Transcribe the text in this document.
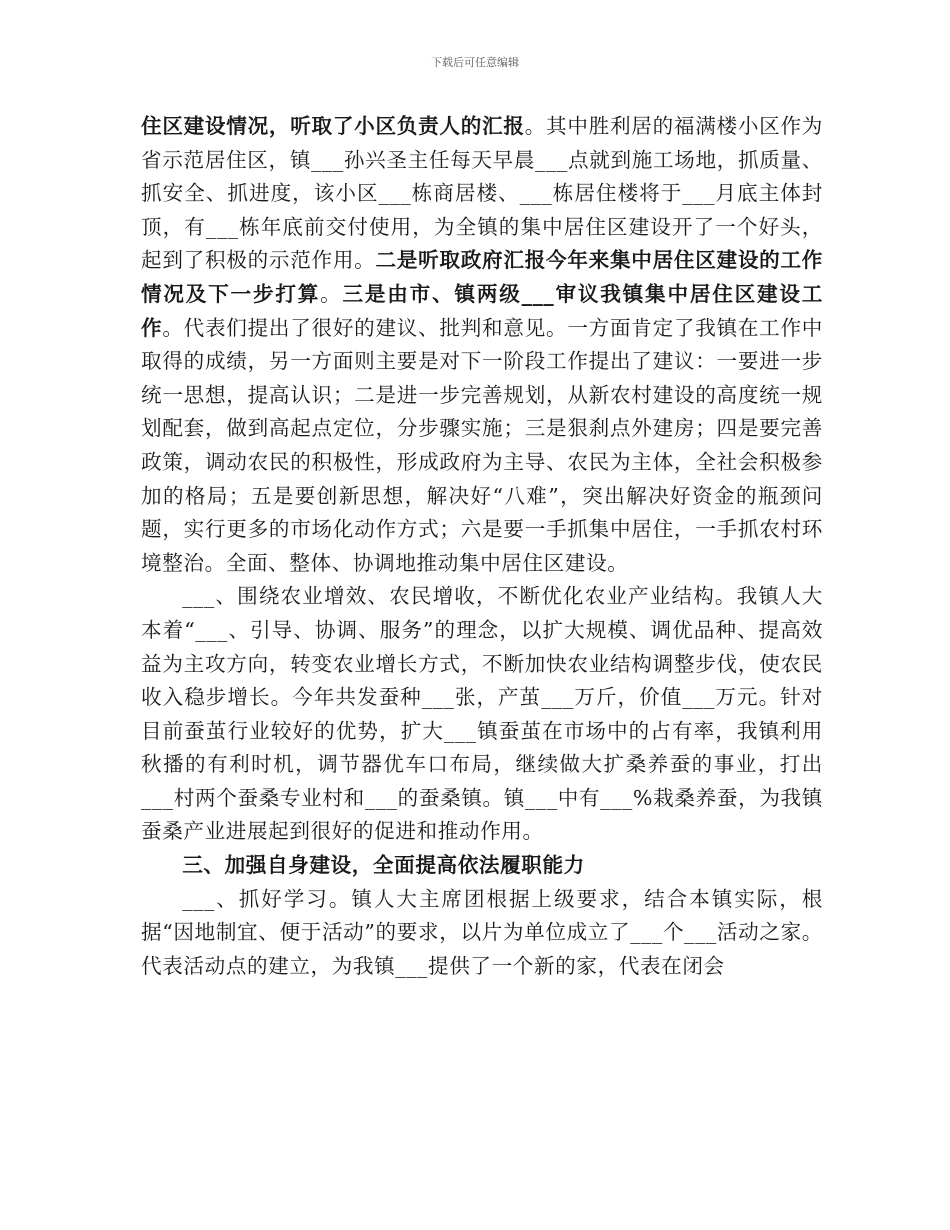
下载后可任意编辑

住区建设情况，听取了小区负责人的汇报。其中胜利居的福满楼小区作为省示范居住区，镇___孙兴圣主任每天早晨___点就到施工场地，抓质量、抓安全、抓进度，该小区___栋商居楼、___栋居住楼将于___月底主体封顶，有___栋年底前交付使用，为全镇的集中居住区建设开了一个好头，起到了积极的示范作用。二是听取政府汇报今年来集中居住区建设的工作情况及下一步打算。三是由市、镇两级___审议我镇集中居住区建设工作。代表们提出了很好的建议、批判和意见。一方面肯定了我镇在工作中取得的成绩，另一方面则主要是对下一阶段工作提出了建议：一要进一步统一思想，提高认识；二是进一步完善规划，从新农村建设的高度统一规划配套，做到高起点定位，分步骤实施；三是狠刹点外建房；四是要完善政策，调动农民的积极性，形成政府为主导、农民为主体，全社会积极参加的格局；五是要创新思想，解决好“八难”，突出解决好资金的瓶颈问题，实行更多的市场化动作方式；六是要一手抓集中居住，一手抓农村环境整治。全面、整体、协调地推动集中居住区建设。

___、围绕农业增效、农民增收，不断优化农业产业结构。我镇人大本着“___、引导、协调、服务”的理念，以扩大规模、调优品种、提高效益为主攻方向，转变农业增长方式，不断加快农业结构调整步伐，使农民收入稳步增长。今年共发蚕种___张，产茧___万斤，价值___万元。针对目前蚕茧行业较好的优势，扩大___镇蚕茧在市场中的占有率，我镇利用秋播的有利时机，调节器优车口布局，继续做大扩桑养蚕的事业，打出___村两个蚕桑专业村和___的蚕桑镇。镇___中有___%栽桑养蚕，为我镇蚕桑产业进展起到很好的促进和推动作用。

三、加强自身建设，全面提高依法履职能力

___、抓好学习。镇人大主席团根据上级要求，结合本镇实际，根据“因地制宜、便于活动”的要求，以片为单位成立了___个___活动之家。代表活动点的建立，为我镇___提供了一个新的家，代表在闭会
